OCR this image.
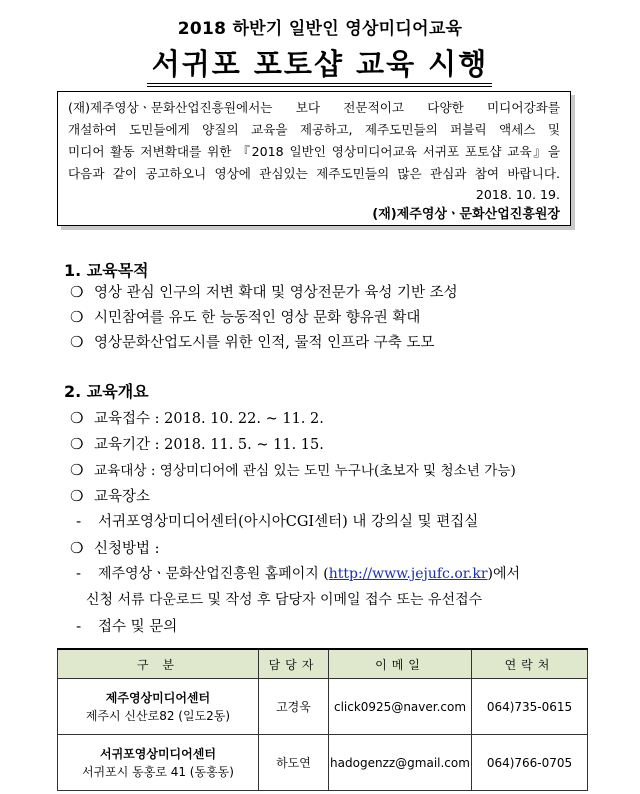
2018 하반기 일반인 영상미디어교육
서귀포 포토샵 교육 시행

(재)제주영상ㆍ문화산업진흥원에서는 보다 전문적이고 다양한 미디어강좌를

개설하여 도민들에게 양질의 교육을 제공하고, 제주도민들의 퍼블릭 액세스 및

미디어 활동 저변확대를 위한 『2018 일반인 영상미디어교육 서귀포 포토샵 교육』을

다음과 같이 공고하오니 영상에 관심있는 제주도민들의 많은 관심과 참여 바랍니다.

2018. 10. 19.

(재)제주영상ㆍ문화산업진흥원장

1. 교육목적
❍ 영상 관심 인구의 저변 확대 및 영상전문가 육성 기반 조성
❍ 시민참여를 유도 한 능동적인 영상 문화 향유권 확대
❍ 영상문화산업도시를 위한 인적, 물적 인프라 구축 도모
2. 교육개요
❍ 교육접수 : 2018. 10. 22. ~ 11. 2.
❍ 교육기간 : 2018. 11. 5. ~ 11. 15.
❍ 교육대상 : 영상미디어에 관심 있는 도민 누구나(초보자 및 청소년 가능)
❍ 교육장소
- 서귀포영상미디어센터(아시아CGI센터) 내 강의실 및 편집실
❍ 신청방법 :
- 제주영상ㆍ문화산업진흥원 홈페이지 (http://www.jejufc.or.kr)에서
신청 서류 다운로드 및 작성 후 담당자 이메일 접수 또는 유선접수
- 접수 및 문의
구 분	담당자	이메일	연락처

제주영상미디어센터
제주시 신산로82 (일도2동)	고경욱	click0925@naver.com	064)735-0615

서귀포영상미디어센터
서귀포시 동홍로 41 (동홍동)	하도연	hadogenzz@gmail.com	064)766-0705
